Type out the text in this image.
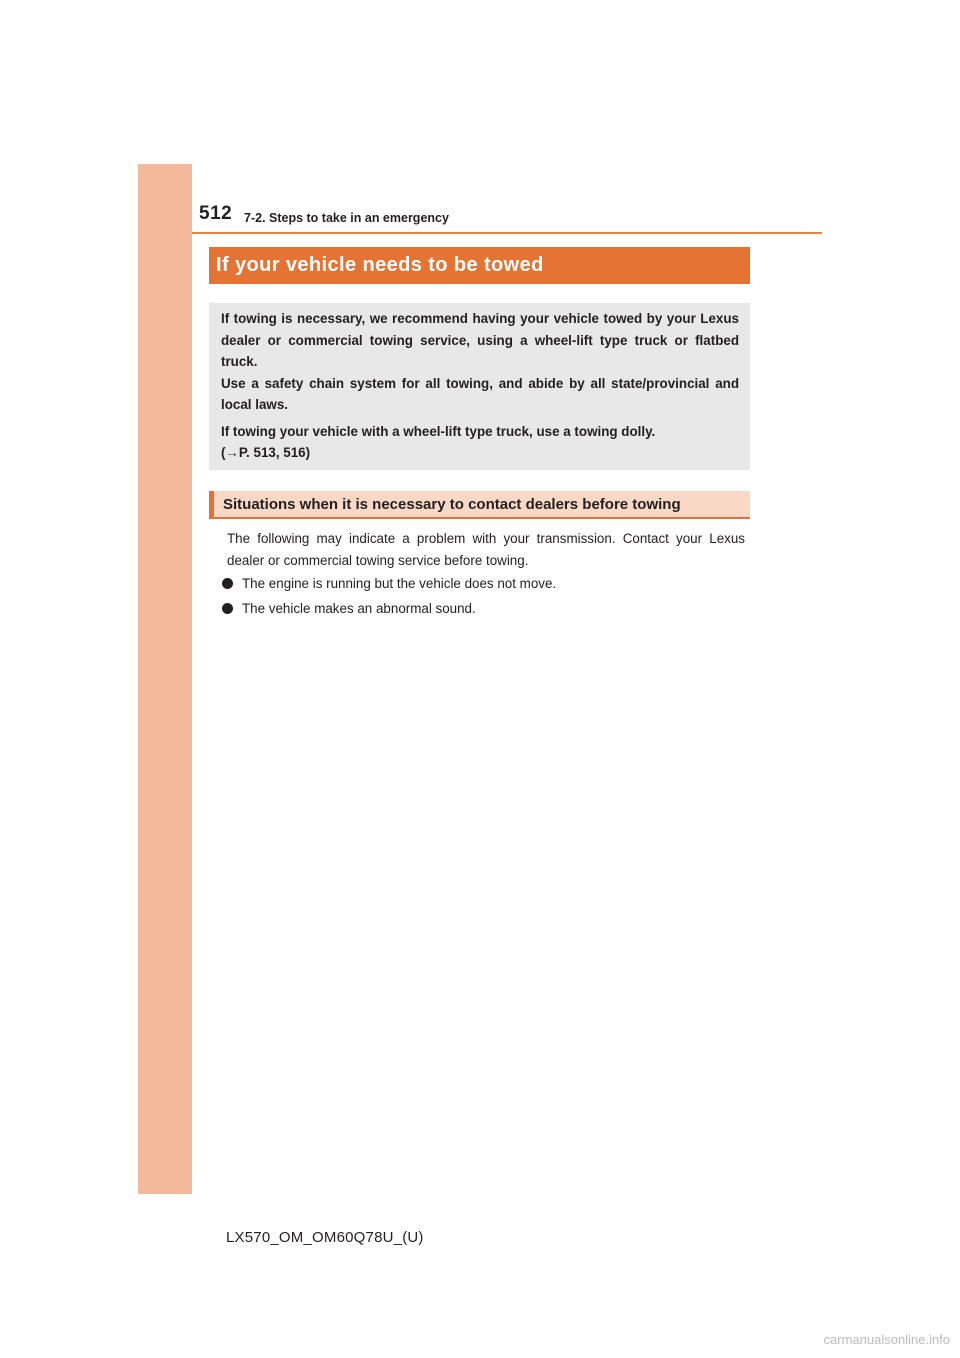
512 7-2. Steps to take in an emergency
If your vehicle needs to be towed

If towing is necessary, we recommend having your vehicle towed by your Lexus dealer or commercial towing service, using a wheel-lift type truck or flatbed truck.

Use a safety chain system for all towing, and abide by all state/provincial and local laws.

If towing your vehicle with a wheel-lift type truck, use a towing dolly.

(→P. 513, 516)

Situations when it is necessary to contact dealers before towing

The following may indicate a problem with your transmission. Contact your Lexus dealer or commercial towing service before towing.

The engine is running but the vehicle does not move.
The vehicle makes an abnormal sound.
LX570_OM_OM60Q78U_(U)
carmanualsonline.info
